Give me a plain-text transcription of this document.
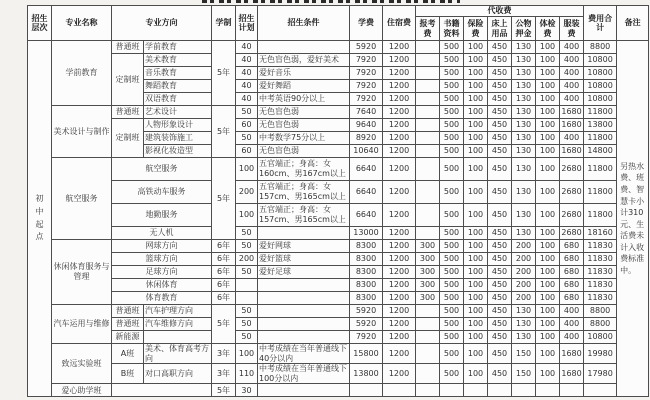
招生层次	专业名称	专业方向		学制	招生计划	招生条件	学费	住宿费	代收费							费用合计	备注
									报考费	书籍资料	保险费	床上用品	公物押金	体检费	服装费		
初中起点	学前教育	普通班	学前教育	5年	40		5920	1200		500	100	450	130	100	400	8800	另热水费、班费、智慧卡小计310元、生活费未计入收费标准中。
		定制班	美术教育		40	无色盲色弱，爱好美术	7920	1200		500	100	450	130	100	400	10800	
			音乐教育		40	爱好音乐	7920	1200		500	100	450	130	100	400	10800	
			舞蹈教育		40	爱好舞蹈	7920	1200		500	100	450	130	100	400	10800	
			双语教育		40	中考英语90分以上	7920	1200		500	100	450	130	100	400	10800	
	美术设计与制作	普通班	艺术设计	5年	50	无色盲色弱	7640	1200		500	100	450	130	100	1680	11800	
		定制班	人物形象设计		60	无色盲色弱	9640	1200		500	100	450	130	100	1680	13800	
			建筑装饰施工		50	中考数学75分以上	8920	1200		500	100	450	130	100	400	11800	
			影视化妆造型		60	无色盲色弱	10640	1200		500	100	450	130	100	1680	14800	
	航空服务	航空服务		5年	100	五官端正；身高：女160cm、男167cm以上	6640	1200		500	100	450	130	100	2680	11800	
		高铁动车服务			200	五官端正；身高：女157cm、男165cm以上	6640	1200		500	100	450	130	100	2680	11800	
		地勤服务			100	五官端正；身高：女157cm、男165cm以上	6640	1200		500	100	450	130	100	2680	11800	
		无人机			50		13000	1200		500	100	450	130	100	2680	18160	
	休闲体育服务与管理	网球方向		6年	50	爱好网球	8300	1200	300	500	100	450	200	100	680	11830	
		篮球方向		6年	200	爱好篮球	8300	1200	300	500	100	450	200	100	680	11830	
		足球方向		6年	50	爱好足球	8300	1200	300	500	100	450	200	100	680	11830	
		休闲体育		6年			8300	1200	300	500	100	450	200	100	680	11830	
		体育教育		6年			8300	1200	300	500	100	450	200	100	680	11830	
	汽车运用与维修	普通班	汽车护理方向	5年	50		5920	1200		500	100	450	130	100	400	8800	
		普通班	汽车维修方向		50		5920	1200		500	100	450	130	100	400	8800	
		新能源			50		7920	1200		500	100	450	130	100	400	10800	
	致远实验班	A班	美术、体育高考方向	3年	100	中考成绩在当年普通线下40分以内	15800	1200		500	100	450	150	100	1680	19980	
		B班	对口高职方向	3年	110	中考成绩在当年普通线下100分以内	13800	1200		500	100	450	150	100	1680	17980	
	爱心助学班			5年	30												
